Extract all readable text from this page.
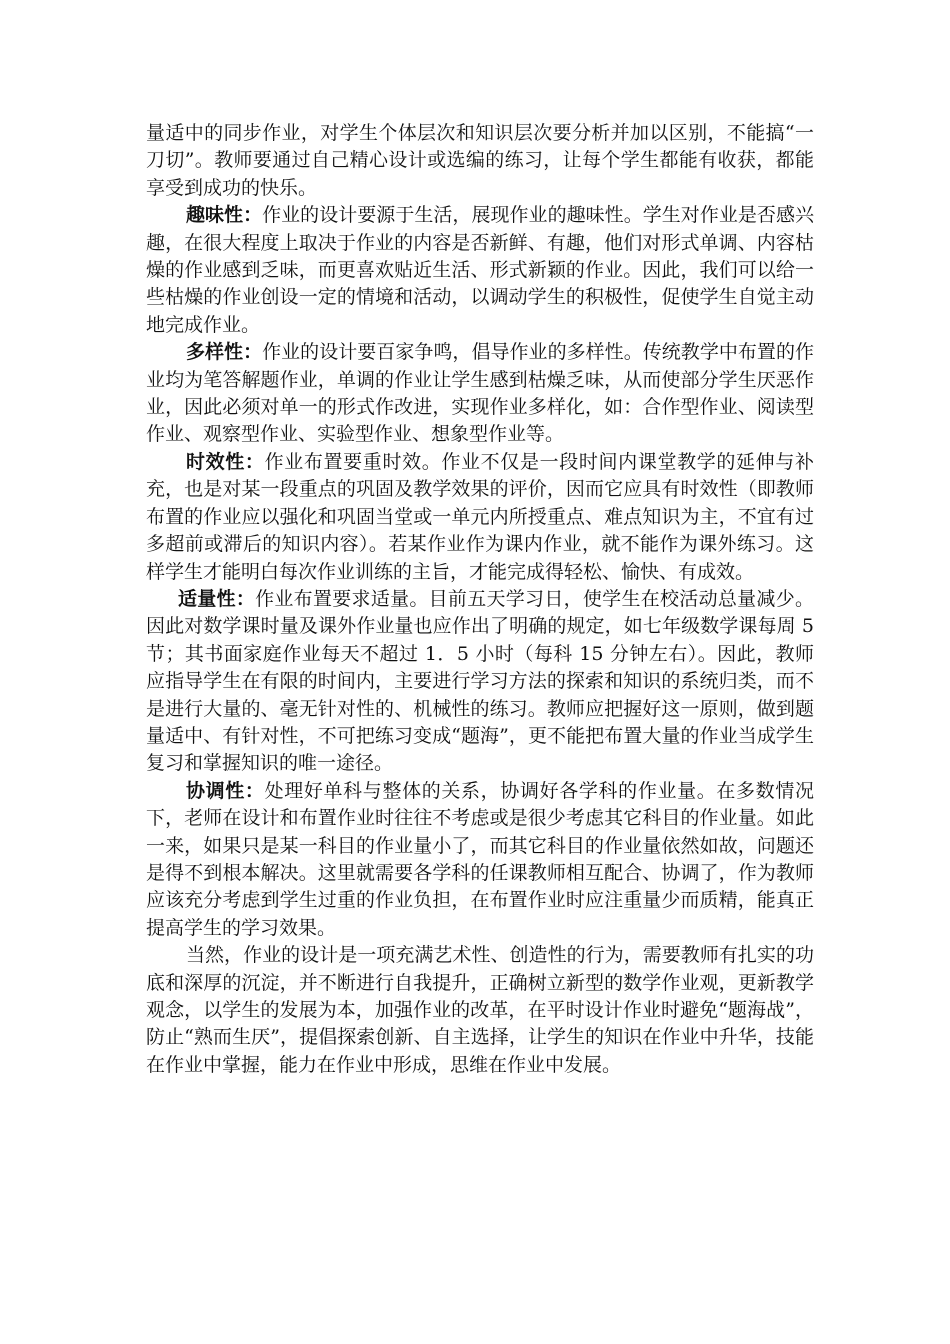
量适中的同步作业，对学生个体层次和知识层次要分析并加以区别，不能搞“一刀切”。教师要通过自己精心设计或选编的练习，让每个学生都能有收获，都能享受到成功的快乐。

趣味性：作业的设计要源于生活，展现作业的趣味性。学生对作业是否感兴趣，在很大程度上取决于作业的内容是否新鲜、有趣，他们对形式单调、内容枯燥的作业感到乏味，而更喜欢贴近生活、形式新颖的作业。因此，我们可以给一些枯燥的作业创设一定的情境和活动，以调动学生的积极性，促使学生自觉主动地完成作业。

多样性：作业的设计要百家争鸣，倡导作业的多样性。传统教学中布置的作业均为笔答解题作业，单调的作业让学生感到枯燥乏味，从而使部分学生厌恶作业，因此必须对单一的形式作改进，实现作业多样化，如：合作型作业、阅读型作业、观察型作业、实验型作业、想象型作业等。

时效性：作业布置要重时效。作业不仅是一段时间内课堂教学的延伸与补充，也是对某一段重点的巩固及教学效果的评价，因而它应具有时效性（即教师布置的作业应以强化和巩固当堂或一单元内所授重点、难点知识为主，不宜有过多超前或滞后的知识内容）。若某作业作为课内作业，就不能作为课外练习。这样学生才能明白每次作业训练的主旨，才能完成得轻松、愉快、有成效。

适量性：作业布置要求适量。目前五天学习日，使学生在校活动总量减少。因此对数学课时量及课外作业量也应作出了明确的规定，如七年级数学课每周 5 节；其书面家庭作业每天不超过 1．5 小时（每科 15 分钟左右）。因此，教师应指导学生在有限的时间内，主要进行学习方法的探索和知识的系统归类，而不是进行大量的、毫无针对性的、机械性的练习。教师应把握好这一原则，做到题量适中、有针对性，不可把练习变成“题海”，更不能把布置大量的作业当成学生复习和掌握知识的唯一途径。

协调性：处理好单科与整体的关系，协调好各学科的作业量。在多数情况下，老师在设计和布置作业时往往不考虑或是很少考虑其它科目的作业量。如此一来，如果只是某一科目的作业量小了，而其它科目的作业量依然如故，问题还是得不到根本解决。这里就需要各学科的任课教师相互配合、协调了，作为教师应该充分考虑到学生过重的作业负担，在布置作业时应注重量少而质精，能真正提高学生的学习效果。

当然，作业的设计是一项充满艺术性、创造性的行为，需要教师有扎实的功底和深厚的沉淀，并不断进行自我提升，正确树立新型的数学作业观，更新教学观念，以学生的发展为本，加强作业的改革，在平时设计作业时避免“题海战”，防止“熟而生厌”，提倡探索创新、自主选择，让学生的知识在作业中升华，技能在作业中掌握，能力在作业中形成，思维在作业中发展。
